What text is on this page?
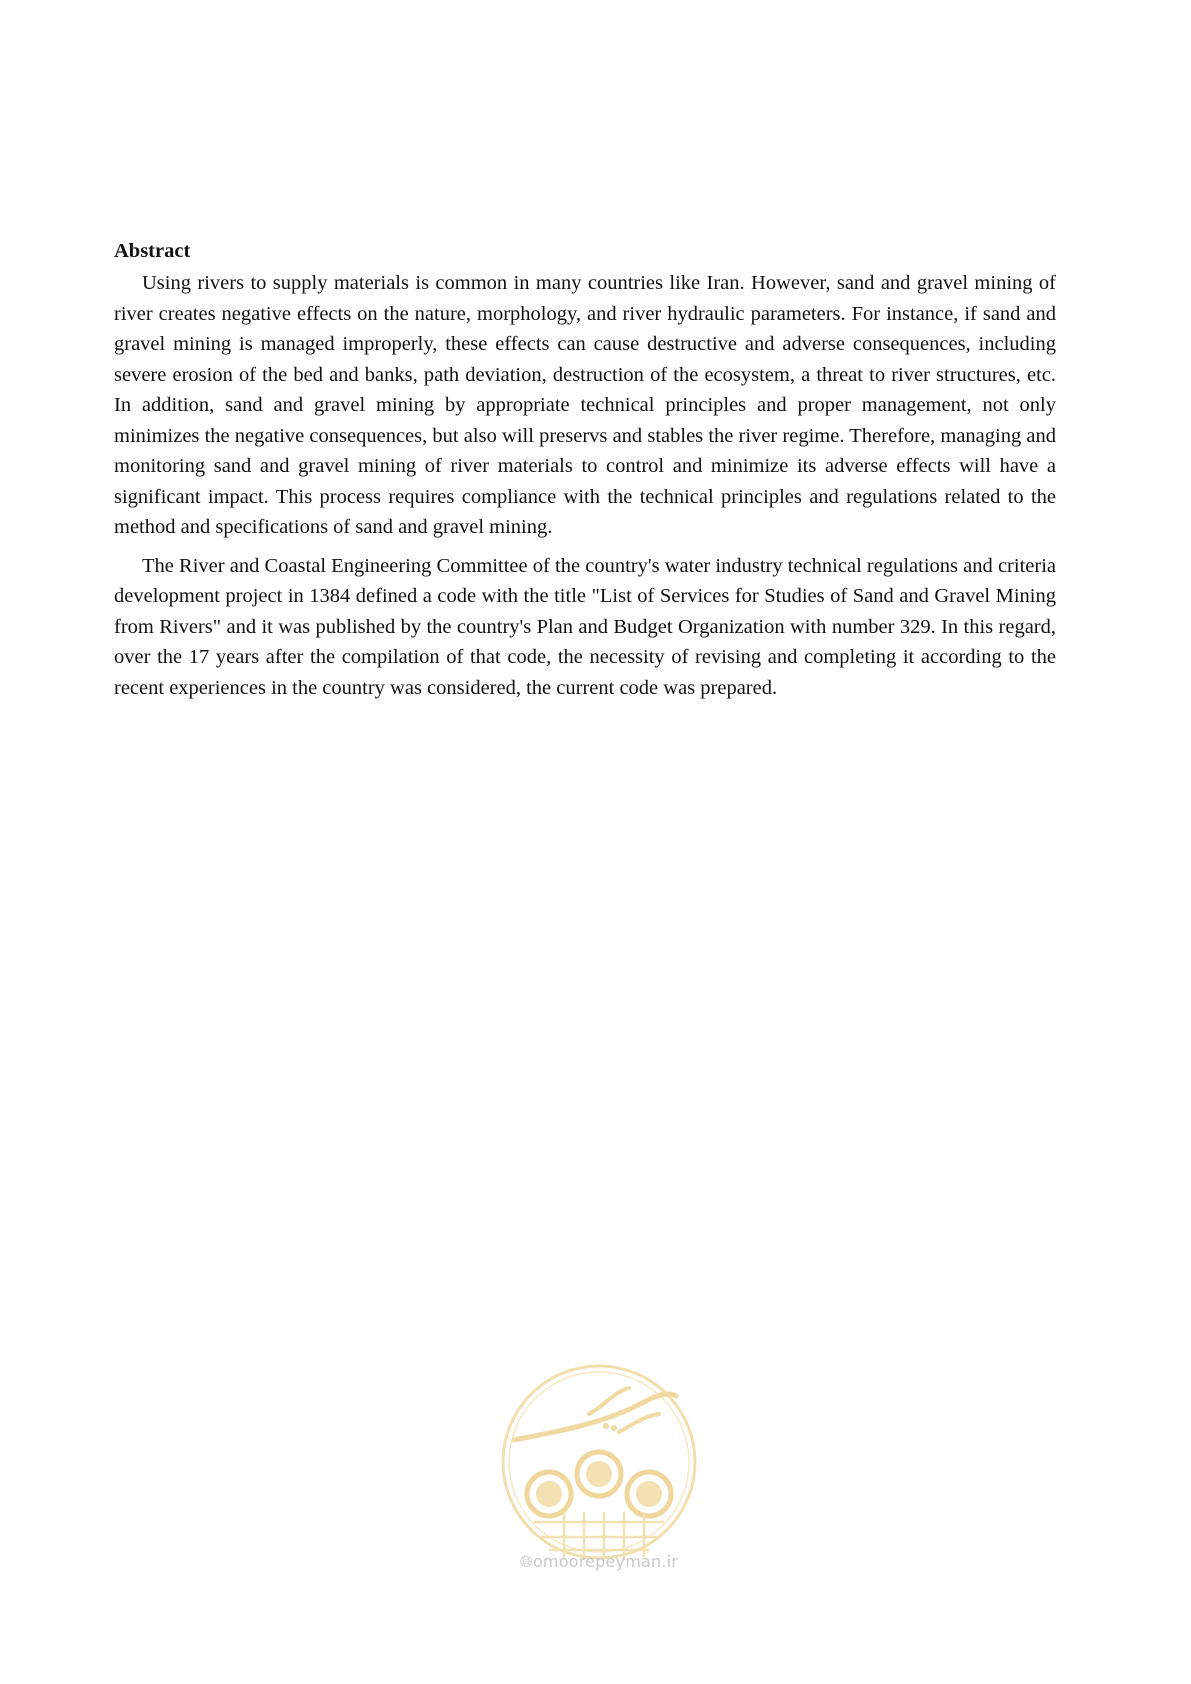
Abstract

Using rivers to supply materials is common in many countries like Iran. However, sand and gravel mining of river creates negative effects on the nature, morphology, and river hydraulic parameters. For instance, if sand and gravel mining is managed improperly, these effects can cause destructive and adverse consequences, including severe erosion of the bed and banks, path deviation, destruction of the ecosystem, a threat to river structures, etc. In addition, sand and gravel mining by appropriate technical principles and proper management, not only minimizes the negative consequences, but also will preservs and stables the river regime. Therefore, managing and monitoring sand and gravel mining of river materials to control and minimize its adverse effects will have a significant impact. This process requires compliance with the technical principles and regulations related to the method and specifications of sand and gravel mining.

The River and Coastal Engineering Committee of the country's water industry technical regulations and criteria development project in 1384 defined a code with the title "List of Services for Studies of Sand and Gravel Mining from Rivers" and it was published by the country's Plan and Budget Organization with number 329. In this regard, over the 17 years after the compilation of that code, the necessity of revising and completing it according to the recent experiences in the country was considered, the current code was prepared.

🌐︎omoorepeyman.ir
